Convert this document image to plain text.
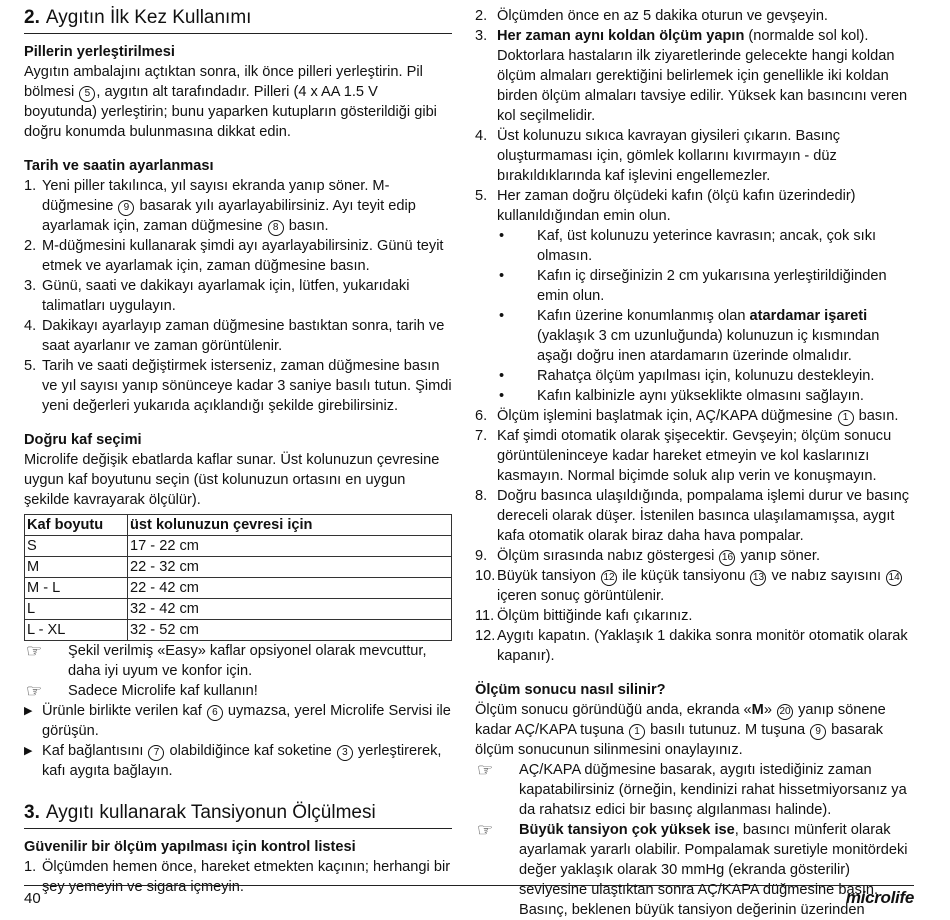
2. Aygıtın İlk Kez Kullanımı
Pillerin yerleştirilmesi

Aygıtın ambalajını açtıktan sonra, ilk önce pilleri yerleştirin. Pil bölmesi 5 , aygıtın alt tarafındadır. Pilleri (4 x AA 1.5 V boyutunda) yerleştirin; bunu yaparken kutupların gösterildiği gibi doğru konumda bulunmasına dikkat edin.

Tarih ve saatin ayarlanması
1. Yeni piller takılınca, yıl sayısı ekranda yanıp söner. M-düğmesine 9 basarak yılı ayarlayabilirsiniz. Ayı teyit edip ayarlamak için, zaman düğmesine 8 basın.
2. M-düğmesini kullanarak şimdi ayı ayarlayabilirsiniz. Günü teyit etmek ve ayarlamak için, zaman düğmesine basın.
3. Günü, saati ve dakikayı ayarlamak için, lütfen, yukarıdaki talimatları uygulayın.
4. Dakikayı ayarlayıp zaman düğmesine bastıktan sonra, tarih ve saat ayarlanır ve zaman görüntülenir.
5. Tarih ve saati değiştirmek isterseniz, zaman düğmesine basın ve yıl sayısı yanıp sönünceye kadar 3 saniye basılı tutun. Şimdi yeni değerleri yukarıda açıklandığı şekilde girebilirsiniz.
Doğru kaf seçimi

Microlife değişik ebatlarda kaflar sunar. Üst kolunuzun çevresine uygun kaf boyutunu seçin (üst kolunuzun ortasını en uygun şekilde kavrayarak ölçülür).

Kaf boyutu	üst kolunuzun çevresi için
S	17 - 22 cm
M	22 - 32 cm
M - L	22 - 42 cm
L	32 - 42 cm
L - XL	32 - 52 cm
☞ Şekil verilmiş «Easy» kaflar opsiyonel olarak mevcuttur, daha iyi uyum ve konfor için.
☞ Sadece Microlife kaf kullanın!
▶ Ürünle birlikte verilen kaf 6 uymazsa, yerel Microlife Servisi ile görüşün.
▶ Kaf bağlantısını 7 olabildiğince kaf soketine 3 yerleştirerek, kafı aygıta bağlayın.
3. Aygıtı kullanarak Tansiyonun Ölçülmesi
Güvenilir bir ölçüm yapılması için kontrol listesi
1. Ölçümden hemen önce, hareket etmekten kaçının; herhangi bir şey yemeyin ve sigara içmeyin.
2. Ölçümden önce en az 5 dakika oturun ve gevşeyin.
3. Her zaman aynı koldan ölçüm yapın (normalde sol kol). Doktorlara hastaların ilk ziyaretlerinde gelecekte hangi koldan ölçüm almaları gerektiğini belirlemek için genellikle iki koldan birden ölçüm almaları tavsiye edilir. Yüksek kan basıncını veren kol seçilmelidir.
4. Üst kolunuzu sıkıca kavrayan giysileri çıkarın. Basınç oluşturmaması için, gömlek kollarını kıvırmayın - düz bırakıldıklarında kaf işlevini engellemezler.
5. Her zaman doğru ölçüdeki kafın (ölçü kafın üzerindedir) kullanıldığından emin olun.
• Kaf, üst kolunuzu yeterince kavrasın; ancak, çok sıkı olmasın.
• Kafın iç dirseğinizin 2 cm yukarısına yerleştirildiğinden emin olun.
• Kafın üzerine konumlanmış olan atardamar işareti (yaklaşık 3 cm uzunluğunda) kolunuzun iç kısmından aşağı doğru inen atardamarın üzerinde olmalıdır.
• Rahatça ölçüm yapılması için, kolunuzu destekleyin.
• Kafın kalbinizle aynı yükseklikte olmasını sağlayın.
6. Ölçüm işlemini başlatmak için, AÇ/KAPA düğmesine 1 basın.
7. Kaf şimdi otomatik olarak şişecektir. Gevşeyin; ölçüm sonucu görüntüleninceye kadar hareket etmeyin ve kol kaslarınızı kasmayın. Normal biçimde soluk alıp verin ve konuşmayın.
8. Doğru basınca ulaşıldığında, pompalama işlemi durur ve basınç dereceli olarak düşer. İstenilen basınca ulaşılamamışsa, aygıt kafa otomatik olarak biraz daha hava pompalar.
9. Ölçüm sırasında nabız göstergesi 16 yanıp söner.
10. Büyük tansiyon 12 ile küçük tansiyonu 13 ve nabız sayısını 14 içeren sonuç görüntülenir.
11. Ölçüm bittiğinde kafı çıkarınız.
12. Aygıtı kapatın. (Yaklaşık 1 dakika sonra monitör otomatik olarak kapanır).
Ölçüm sonucu nasıl silinir?

Ölçüm sonucu göründüğü anda, ekranda «M» 20 yanıp sönene kadar AÇ/KAPA tuşuna 1 basılı tutunuz. M tuşuna 9 basarak ölçüm sonucunun silinmesini onaylayınız.

☞ AÇ/KAPA düğmesine basarak, aygıtı istediğiniz zaman kapatabilirsiniz (örneğin, kendinizi rahat hissetmiyorsanız ya da rahatsız edici bir basınç algılanması halinde).
☞ Büyük tansiyon çok yüksek ise, basıncı münferit olarak ayarlamak yararlı olabilir. Pompalamak suretiyle monitördeki değer yaklaşık olarak 30 mmHg (ekranda gösterilir) seviyesine ulaştıktan sonra AÇ/KAPA düğmesine basın. Basınç, beklenen büyük tansiyon değerinin üzerinden
40	microlife
